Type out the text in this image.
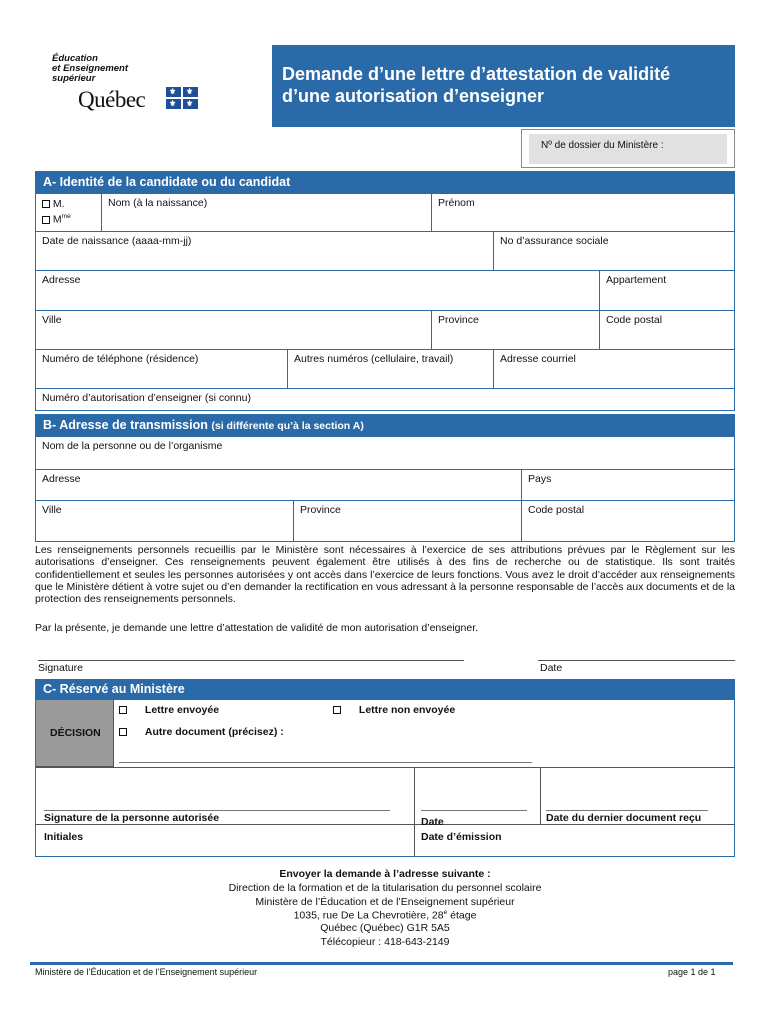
Éducation
et Enseignement
supérieur
Québec	⚜ ⚜
⚜ ⚜
Demande d’une lettre d’attestation de validité
d’une autorisation d’enseigner
Nº de dossier du Ministère :
A- Identité de la candidate ou du candidat
M.
$M^{me}$
Nom (à la naissance)	Prénom
Date de naissance (aaaa-mm-jj)	No d’assurance sociale
Adresse	Appartement
Ville	Province	Code postal
Numéro de téléphone (résidence)	Autres numéros (cellulaire, travail)	Adresse courriel
Numéro d’autorisation d’enseigner (si connu)
B- Adresse de transmission (si différente qu’à la section A)
Nom de la personne ou de l’organisme
Adresse	Pays
Ville	Province	Code postal
Les renseignements personnels recueillis par le Ministère sont nécessaires à l’exercice de ses attributions prévues par le Règlement sur les autorisations d’enseigner. Ces renseignements peuvent également être utilisés à des fins de recherche ou de statistique. Ils sont traités confidentiellement et seules les personnes autorisées y ont accès dans l’exercice de leurs fonctions. Vous avez le droit d’accéder aux renseignements que le Ministère détient à votre sujet ou d’en demander la rectification en vous adressant à la personne responsable de l’accès aux documents et de la protection des renseignements personnels.
Par la présente, je demande une lettre d’attestation de validité de mon autorisation d’enseigner.
Signature	Date
C- Réservé au Ministère
DÉCISION
Lettre envoyée	Lettre non envoyée
Autre document (précisez) :
Signature de la personne autorisée	Date	Date du dernier document reçu
Initiales	Date d’émission
Envoyer la demande à l’adresse suivante :
Direction de la formation et de la titularisation du personnel scolaire
Ministère de l’Éducation et de l’Enseignement supérieur
1035, rue De La Chevrotière, 28e étage
Québec (Québec) G1R 5A5
Télécopieur : 418-643-2149
Ministère de l’Éducation et de l’Enseignement supérieur	page 1 de 1
